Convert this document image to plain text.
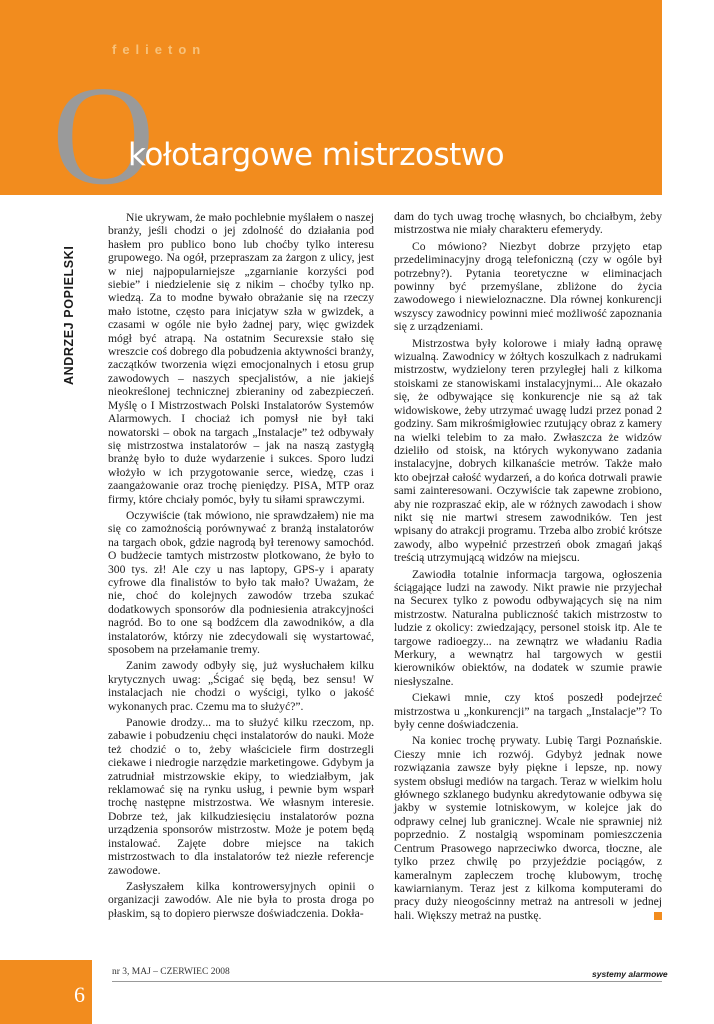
felieton
O
kołotargowe mistrzostwo
ANDRZEJ POPIELSKI

Nie ukrywam, że mało pochlebnie myślałem o naszej branży, jeśli chodzi o jej zdolność do działania pod hasłem pro publico bono lub choćby tylko interesu grupowego. Na ogół, przepraszam za żargon z ulicy, jest w niej najpopularniejsze „zgarnianie korzyści pod siebie” i niedzielenie się z nikim – choćby tylko np. wiedzą. Za to modne bywało obrażanie się na rzeczy mało istotne, często para inicjatyw szła w gwizdek, a czasami w ogóle nie było żadnej pary, więc gwizdek mógł być atrapą. Na ostatnim Securexsie stało się wreszcie coś dobrego dla pobudzenia aktywności branży, zaczątków tworzenia więzi emocjonalnych i etosu grup zawodowych – naszych specjalistów, a nie jakiejś nieokreślonej technicznej zbieraniny od zabezpieczeń. Myślę o I Mistrzostwach Polski Instalatorów Systemów Alarmowych. I chociaż ich pomysł nie był taki nowatorski – obok na targach „Instalacje” też odbywały się mistrzostwa instalatorów – jak na naszą zastygłą branżę było to duże wydarzenie i sukces. Sporo ludzi włożyło w ich przygotowanie serce, wiedzę, czas i zaangażowanie oraz trochę pieniędzy. PISA, MTP oraz firmy, które chciały pomóc, były tu siłami sprawczymi.

Oczywiście (tak mówiono, nie sprawdzałem) nie ma się co zamożnością porównywać z branżą instalatorów na targach obok, gdzie nagrodą był terenowy samochód. O budżecie tamtych mistrzostw plotkowano, że było to 300 tys. zł! Ale czy u nas laptopy, GPS-y i aparaty cyfrowe dla finalistów to było tak mało? Uważam, że nie, choć do kolejnych zawodów trzeba szukać dodatkowych sponsorów dla podniesienia atrakcyjności nagród. Bo to one są bodźcem dla zawodników, a dla instalatorów, którzy nie zdecydowali się wystartować, sposobem na przełamanie tremy.

Zanim zawody odbyły się, już wysłuchałem kilku krytycznych uwag: „Ścigać się będą, bez sensu! W instalacjach nie chodzi o wyścigi, tylko o jakość wykonanych prac. Czemu ma to służyć?”.

Panowie drodzy... ma to służyć kilku rzeczom, np. zabawie i pobudzeniu chęci instalatorów do nauki. Może też chodzić o to, żeby właściciele firm dostrzegli ciekawe i niedrogie narzędzie marketingowe. Gdybym ja zatrudniał mistrzowskie ekipy, to wiedziałbym, jak reklamować się na rynku usług, i pewnie bym wsparł trochę następne mistrzostwa. We własnym interesie. Dobrze też, jak kilkudziesięciu instalatorów pozna urządzenia sponsorów mistrzostw. Może je potem będą instalować. Zajęte dobre miejsce na takich mistrzostwach to dla instalatorów też niezłe referencje zawodowe.

Zasłyszałem kilka kontrowersyjnych opinii o organizacji zawodów. Ale nie była to prosta droga po płaskim, są to dopiero pierwsze doświadczenia. Dokła-

dam do tych uwag trochę własnych, bo chciałbym, żeby mistrzostwa nie miały charakteru efemerydy.

Co mówiono? Niezbyt dobrze przyjęto etap przedeliminacyjny drogą telefoniczną (czy w ogóle był potrzebny?). Pytania teoretyczne w eliminacjach powinny być przemyślane, zbliżone do życia zawodowego i niewieloznaczne. Dla równej konkurencji wszyscy zawodnicy powinni mieć możliwość zapoznania się z urządzeniami.

Mistrzostwa były kolorowe i miały ładną oprawę wizualną. Zawodnicy w żółtych koszulkach z nadrukami mistrzostw, wydzielony teren przyległej hali z kilkoma stoiskami ze stanowiskami instalacyjnymi... Ale okazało się, że odbywające się konkurencje nie są aż tak widowiskowe, żeby utrzymać uwagę ludzi przez ponad 2 godziny. Sam mikrośmigłowiec rzutujący obraz z kamery na wielki telebim to za mało. Zwłaszcza że widzów dzieliło od stoisk, na których wykonywano zadania instalacyjne, dobrych kilkanaście metrów. Także mało kto obejrzał całość wydarzeń, a do końca dotrwali prawie sami zainteresowani. Oczywiście tak zapewne zrobiono, aby nie rozpraszać ekip, ale w różnych zawodach i show nikt się nie martwi stresem zawodników. Ten jest wpisany do atrakcji programu. Trzeba albo zrobić krótsze zawody, albo wypełnić przestrzeń obok zmagań jakąś treścią utrzymującą widzów na miejscu.

Zawiodła totalnie informacja targowa, ogłoszenia ściągające ludzi na zawody. Nikt prawie nie przyjechał na Securex tylko z powodu odbywających się na nim mistrzostw. Naturalna publiczność takich mistrzostw to ludzie z okolicy: zwiedzający, personel stoisk itp. Ale te targowe radioegzy... na zewnątrz we władaniu Radia Merkury, a wewnątrz hal targowych w gestii kierowników obiektów, na dodatek w szumie prawie niesłyszalne.

Ciekawi mnie, czy ktoś poszedł podejrzeć mistrzostwa u „konkurencji” na targach „Instalacje”? To były cenne doświadczenia.

Na koniec trochę prywaty. Lubię Targi Poznańskie. Cieszy mnie ich rozwój. Gdybyż jednak nowe rozwiązania zawsze były piękne i lepsze, np. nowy system obsługi mediów na targach. Teraz w wielkim holu głównego szklanego budynku akredytowanie odbywa się jakby w systemie lotniskowym, w kolejce jak do odprawy celnej lub granicznej. Wcale nie sprawniej niż poprzednio. Z nostalgią wspominam pomieszczenia Centrum Prasowego naprzeciwko dworca, tłoczne, ale tylko przez chwilę po przyjeździe pociągów, z kameralnym zapleczem trochę klubowym, trochę kawiarnianym. Teraz jest z kilkoma komputerami do pracy duży nieogościnny metraż na antresoli w jednej hali. Większy metraż na pustkę.

6
nr 3, MAJ – CZERWIEC 2008	systemy alarmowe
